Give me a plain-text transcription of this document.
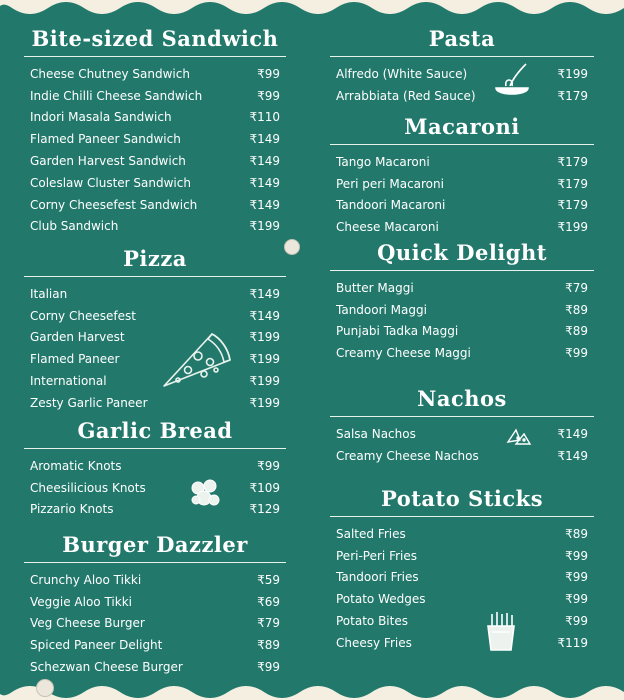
Bite-sized Sandwich
Cheese Chutney Sandwich	₹99
Indie Chilli Cheese Sandwich	₹99
Indori Masala Sandwich	₹110
Flamed Paneer Sandwich	₹149
Garden Harvest Sandwich	₹149
Coleslaw Cluster Sandwich	₹149
Corny Cheesefest Sandwich	₹149
Club Sandwich	₹199
Pizza
Italian	₹149
Corny Cheesefest	₹149
Garden Harvest	₹199
Flamed Paneer	₹199
International	₹199
Zesty Garlic Paneer	₹199
Garlic Bread
Aromatic Knots	₹99
Cheesilicious Knots	₹109
Pizzario Knots	₹129
Burger Dazzler
Crunchy Aloo Tikki	₹59
Veggie Aloo Tikki	₹69
Veg Cheese Burger	₹79
Spiced Paneer Delight	₹89
Schezwan Cheese Burger	₹99
Pasta
Alfredo (White Sauce)	₹199
Arrabbiata (Red Sauce)	₹179
Macaroni
Tango Macaroni	₹179
Peri peri Macaroni	₹179
Tandoori Macaroni	₹179
Cheese Macaroni	₹199
Quick Delight
Butter Maggi	₹79
Tandoori Maggi	₹89
Punjabi Tadka Maggi	₹89
Creamy Cheese Maggi	₹99
Nachos
Salsa Nachos	₹149
Creamy Cheese Nachos	₹149
Potato Sticks
Salted Fries	₹89
Peri-Peri Fries	₹99
Tandoori Fries	₹99
Potato Wedges	₹99
Potato Bites	₹99
Cheesy Fries	₹119
